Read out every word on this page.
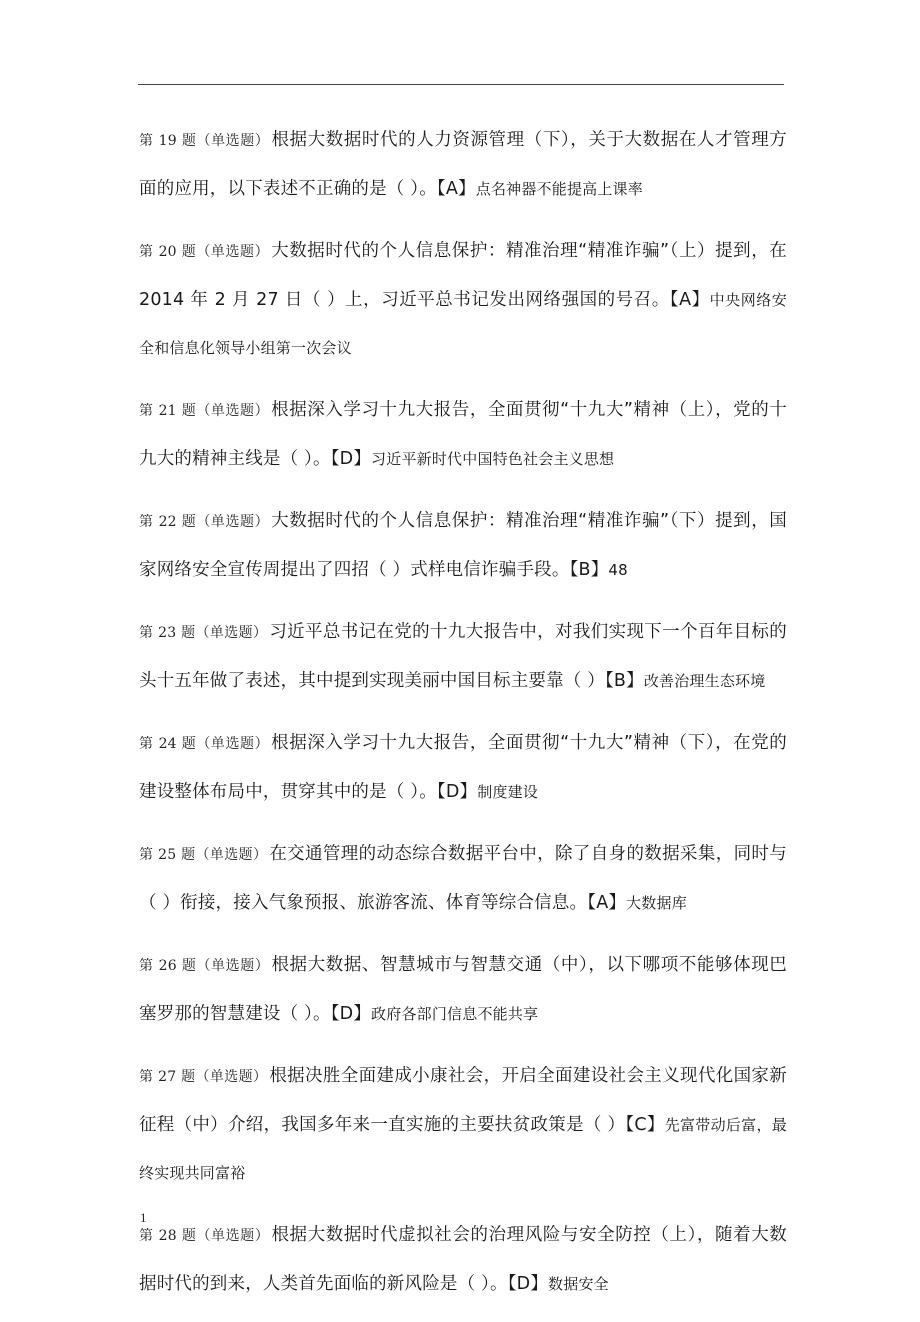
第 19 题（单选题） 根据大数据时代的人力资源管理（下），关于大数据在人才管理方面的应用，以下表述不正确的是（ ）。【A】点名神器不能提高上课率

第 20 题（单选题） 大数据时代的个人信息保护：精准治理“精准诈骗”（上）提到，在 2014 年 2 月 27 日（ ）上，习近平总书记发出网络强国的号召。【A】中央网络安全和信息化领导小组第一次会议

第 21 题（单选题） 根据深入学习十九大报告，全面贯彻“十九大”精神（上），党的十九大的精神主线是（ ）。【D】习近平新时代中国特色社会主义思想

第 22 题（单选题） 大数据时代的个人信息保护：精准治理“精准诈骗”（下）提到，国家网络安全宣传周提出了四招（ ）式样电信诈骗手段。【B】48

第 23 题（单选题） 习近平总书记在党的十九大报告中，对我们实现下一个百年目标的头十五年做了表述，其中提到实现美丽中国目标主要靠（ ）【B】改善治理生态环境

第 24 题（单选题） 根据深入学习十九大报告，全面贯彻“十九大”精神（下），在党的建设整体布局中，贯穿其中的是（ ）。【D】制度建设

第 25 题（单选题） 在交通管理的动态综合数据平台中，除了自身的数据采集，同时与（ ）衔接，接入气象预报、旅游客流、体育等综合信息。【A】大数据库

第 26 题（单选题） 根据大数据、智慧城市与智慧交通（中），以下哪项不能够体现巴塞罗那的智慧建设（ ）。【D】政府各部门信息不能共享

第 27 题（单选题） 根据决胜全面建成小康社会，开启全面建设社会主义现代化国家新征程（中）介绍，我国多年来一直实施的主要扶贫政策是（ ）【C】先富带动后富，最终实现共同富裕

第 28 题（单选题） 根据大数据时代虚拟社会的治理风险与安全防控（上），随着大数据时代的到来，人类首先面临的新风险是（ ）。【D】数据安全

1
